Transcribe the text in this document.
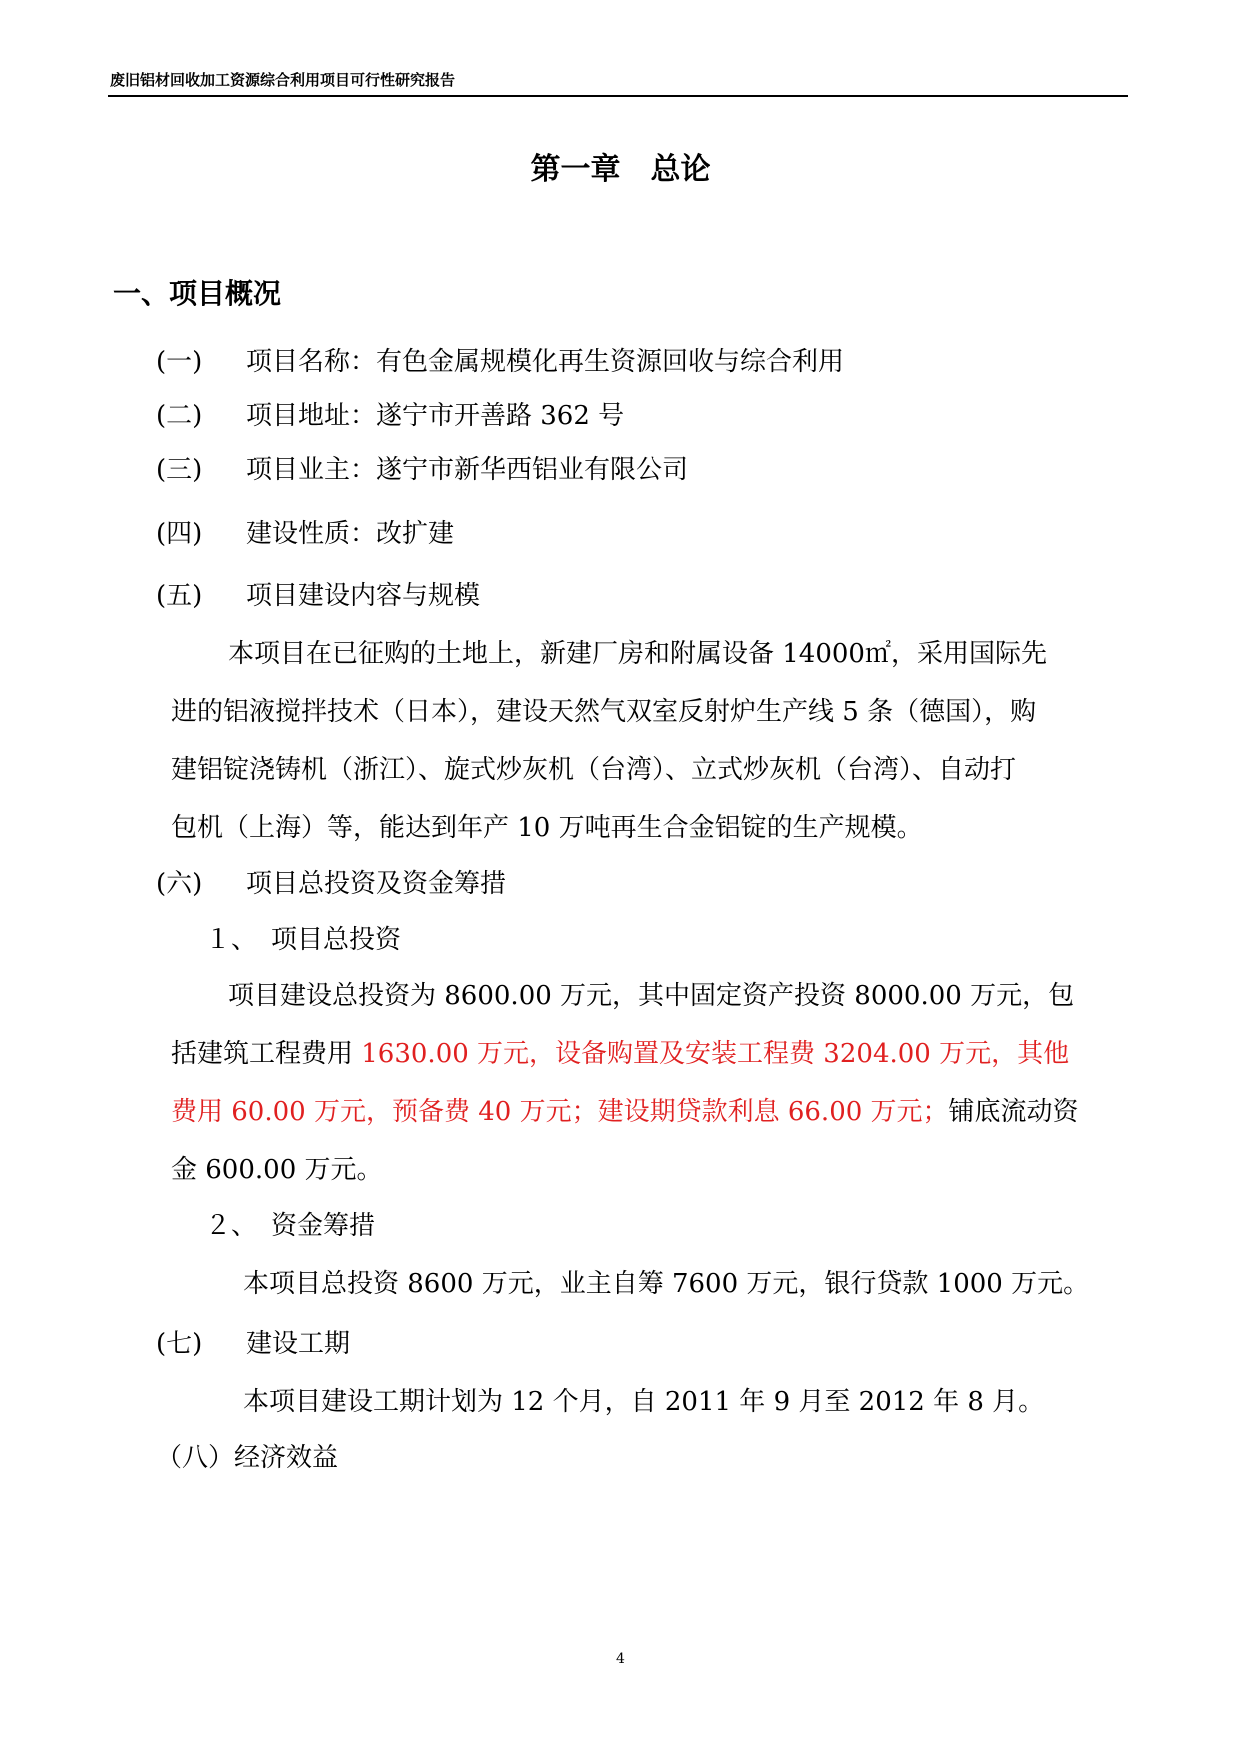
废旧铝材回收加工资源综合利用项目可行性研究报告
第一章　总论
一、项目概况
(一) 项目名称：有色金属规模化再生资源回收与综合利用
(二) 项目地址：遂宁市开善路 362 号
(三) 项目业主：遂宁市新华西铝业有限公司
(四) 建设性质：改扩建
(五) 项目建设内容与规模
本项目在已征购的土地上，新建厂房和附属设备 14000㎡，采用国际先
进的铝液搅拌技术（日本），建设天然气双室反射炉生产线 5 条（德国），购
建铝锭浇铸机（浙江）、旋式炒灰机（台湾）、立式炒灰机（台湾）、自动打
包机（上海）等，能达到年产 10 万吨再生合金铝锭的生产规模。
(六) 项目总投资及资金筹措
１、 项目总投资
项目建设总投资为 8600.00 万元，其中固定资产投资 8000.00 万元，包
括建筑工程费用 1630.00 万元，设备购置及安装工程费 3204.00 万元，其他
费用 60.00 万元，预备费 40 万元；建设期贷款利息 66.00 万元；铺底流动资
金 600.00 万元。
２、 资金筹措
本项目总投资 8600 万元，业主自筹 7600 万元，银行贷款 1000 万元。
(七) 建设工期
本项目建设工期计划为 12 个月，自 2011 年 9 月至 2012 年 8 月。
（八）经济效益
4
